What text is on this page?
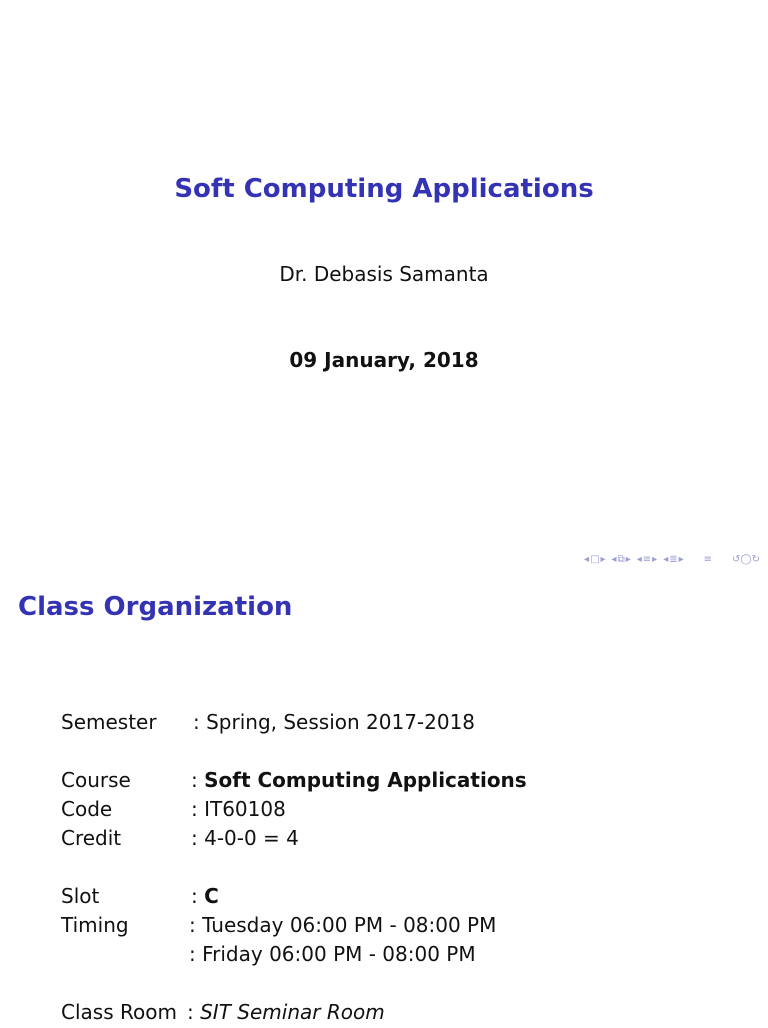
Soft Computing Applications
Dr. Debasis Samanta
09 January, 2018
◂ □ ▸ ◂ ⧉ ▸ ◂ ≡ ▸ ◂ ≣ ▸ ≡ ↺◯↻
Class Organization
Semester : Spring, Session 2017-2018
Course	: Soft Computing Applications
Code	: IT60108
Credit	: 4-0-0 = 4
Slot	: C
Timing	: Tuesday 06:00 PM - 08:00 PM
: Friday 06:00 PM - 08:00 PM
Class Room : SIT Seminar Room
